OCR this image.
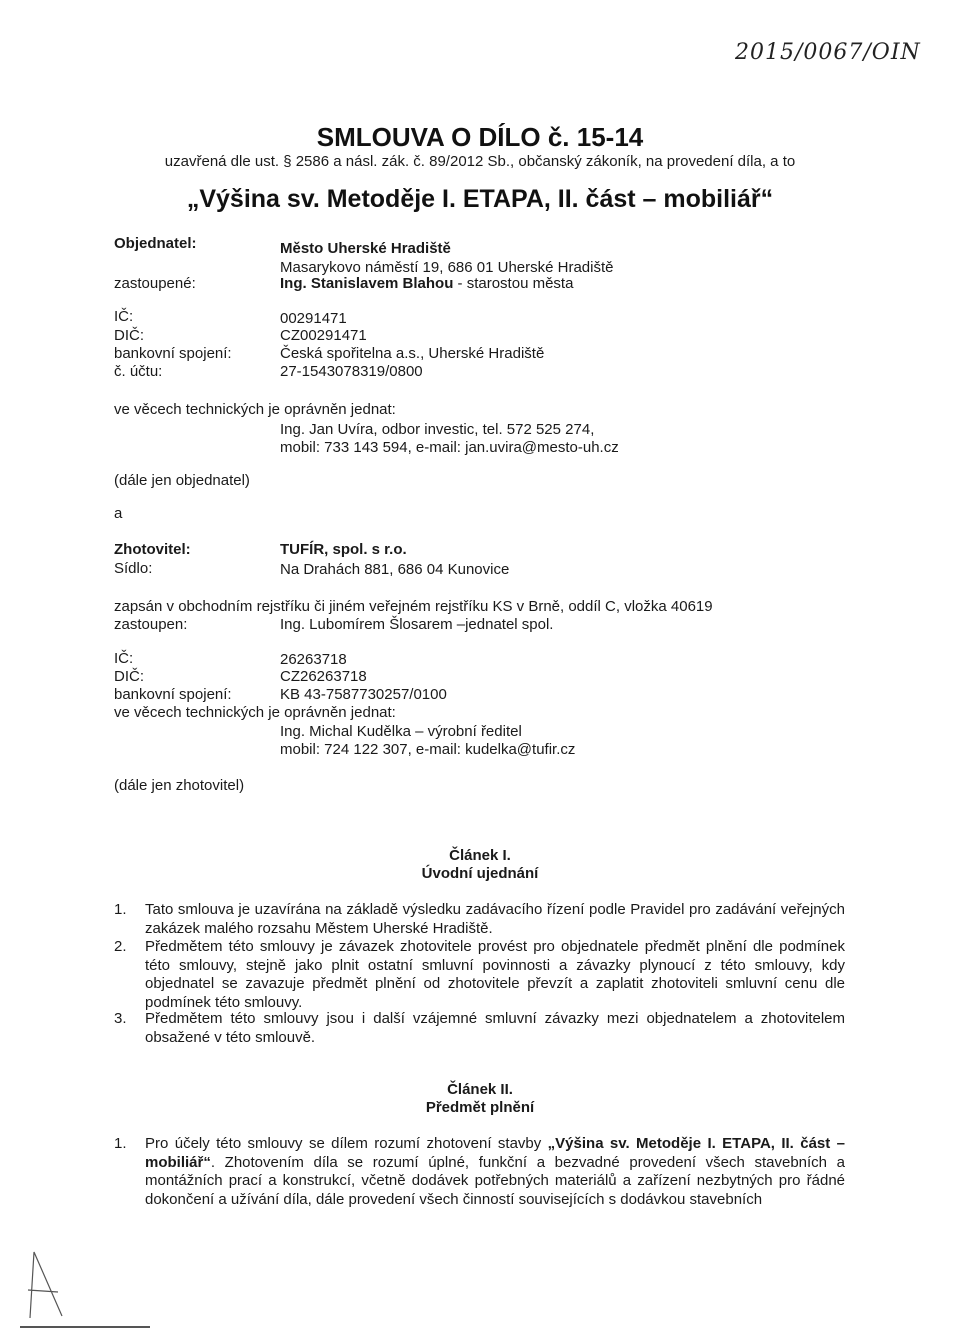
2015/0067/OIN
SMLOUVA O DÍLO č. 15-14
uzavřená dle ust. § 2586 a násl. zák. č. 89/2012 Sb., občanský zákoník, na provedení díla, a to
„Výšina sv. Metoděje I. ETAPA, II. část – mobiliář“
Objednatel:	Město Uherské Hradiště
Masarykovo náměstí 19, 686 01 Uherské Hradiště
zastoupené:	Ing. Stanislavem Blahou - starostou města
IČ:	00291471
DIČ:	CZ00291471
bankovní spojení:	Česká spořitelna a.s., Uherské Hradiště
č. účtu:	27-1543078319/0800
ve věcech technických je oprávněn jednat:
Ing. Jan Uvíra, odbor investic, tel. 572 525 274,
mobil: 733 143 594, e-mail: jan.uvira@mesto-uh.cz
(dále jen objednatel)
a
Zhotovitel:	TUFÍR, spol. s r.o.
Sídlo:	Na Drahách 881, 686 04 Kunovice
zapsán v obchodním rejstříku či jiném veřejném rejstříku KS v Brně, oddíl C, vložka 40619
zastoupen:	Ing. Lubomírem Šlosarem –jednatel spol.
IČ:	26263718
DIČ:	CZ26263718
bankovní spojení:	KB 43-7587730257/0100
ve věcech technických je oprávněn jednat:
Ing. Michal Kudělka – výrobní ředitel
mobil: 724 122 307, e-mail: kudelka@tufir.cz
(dále jen zhotovitel)
Článek I.
Úvodní ujednání
1. Tato smlouva je uzavírána na základě výsledku zadávacího řízení podle Pravidel pro zadávání veřejných zakázek malého rozsahu Městem Uherské Hradiště.
2. Předmětem této smlouvy je závazek zhotovitele provést pro objednatele předmět plnění dle podmínek této smlouvy, stejně jako plnit ostatní smluvní povinnosti a závazky plynoucí z této smlouvy, kdy objednatel se zavazuje předmět plnění od zhotovitele převzít a zaplatit zhotoviteli smluvní cenu dle podmínek této smlouvy.
3. Předmětem této smlouvy jsou i další vzájemné smluvní závazky mezi objednatelem a zhotovitelem obsažené v této smlouvě.
Článek II.
Předmět plnění
1. Pro účely této smlouvy se dílem rozumí zhotovení stavby „Výšina sv. Metoděje I. ETAPA, II. část – mobiliář“. Zhotovením díla se rozumí úplné, funkční a bezvadné provedení všech stavebních a montážních prací a konstrukcí, včetně dodávek potřebných materiálů a zařízení nezbytných pro řádné dokončení a užívání díla, dále provedení všech činností souvisejících s dodávkou stavebních
